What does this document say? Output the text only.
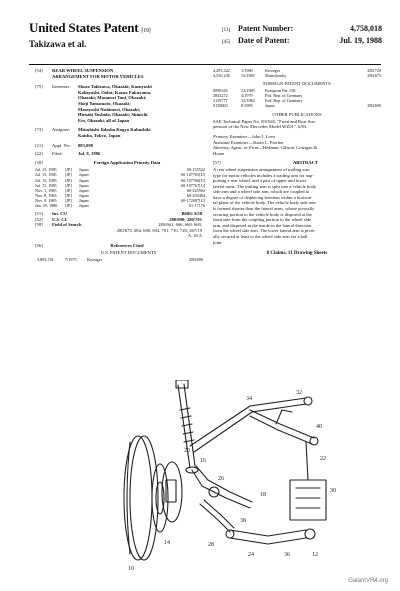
United States Patent [19]
Takizawa et al.
[11] Patent Number:	4,758,018
[45] Date of Patent:	Jul. 19, 1988
[54] REAR WHEEL SUSPENSION
ARRANGEMENT FOR MOTOR VEHICLES
[75] Inventors: Shozo Takizawa, Okazaki; Kazuyoshi
Kobayashi, Oobu; Kazuo Fukuyama,
Okazaki; Masanori Tani, Okazaki;
Shoji Yamamoto, Okazaki;
Masayoshi Nishimori, Okazaki;
Hiroaki Yoshida, Okazaki; Shinichi
Eto, Okazaki, all of Japan
[73] Assignee: Mitsubishi Jidosha Kogyo Kabushiki
Kaisha, Tokyo, Japan
[21] Appl. No.: 883,098
[22] Filed:	Jul. 8, 1986
[30]	Foreign Application Priority Data
Jul. 15, 1985	[JP]	Japan	60-155522
Jul. 15, 1985	[JP]	Japan	60-107765[U]
Jul. 15, 1985	[JP]	Japan	60-107766[U]
Jul. 15, 1985	[JP]	Japan	60-107767[U]
Nov. 1, 1985	[JP]	Japan	60-245502
Nov. 8, 1985	[JP]	Japan	60-250494
Nov. 8, 1985	[JP]	Japan	60-172087[U]
Jan. 29, 1986	[JP]	Japan	61-17176
[51] Int. Cl.⁴	B60G 3/28
[52] U.S. Cl.	280/690; 280/701
[58] Field of Search	280/661, 666, 668, 669,
280/673, 684, 690, 692, 701, 710, 720; 267/19
A, 20 A
[56]	References Cited
U.S. PATENT DOCUMENTS
3,893,701	7/1975	Kroniger	280/690
4,281,322	1/1980	Kroniger	280/720
4,556,238	12/1985	Matschinsky	280/673
FOREIGN PATENT DOCUMENTS
0096345	12/1983	European Pat. Off.
2843272	4/1979	Fed. Rep. of Germany
3119777	12/1982	Fed. Rep. of Germany
0139803	8/1983	Japan	280/690
OTHER PUBLICATIONS
SAE Technical Paper No. 831045, "Front and Rear Sus-
pension of the New Mercedes Model WZ01", 6/83.
Primary Examiner—John J. Love
Assistant Examiner—Karin L. Ferriter
Attorney, Agent, or Firm—Hedman, Gibson, Costigan &
Hoare
[57]	ABSTRACT
A rear wheel suspension arrangement of trailing arm
type for motor vehicles includes a trailing arm for sup-
porting a rear wheel, and a pair of upper and lower
lateral arms. The trailing arm is split into a vehicle body
side arm and a wheel side arm, which are coupled to
have a degree of displacing freedom within a horizon-
tal plane of the vehicle body. The vehicle body side arm
is formed shorter than the lateral arms, whose pivotally
securing portion to the vehicle body is disposed at the
front side from the coupling portion to the wheel side
arm, and disposed in the inside in the lateral direction
from the wheel side arm. The lower lateral arm is pivot-
ally secured at least to the wheel side arm via a ball
joint.
8 Claims, 11 Drawing Sheets
34
32
40
22
16
26
18
30
38
28
24	36	12
10
20
14
GalantVR4.org
